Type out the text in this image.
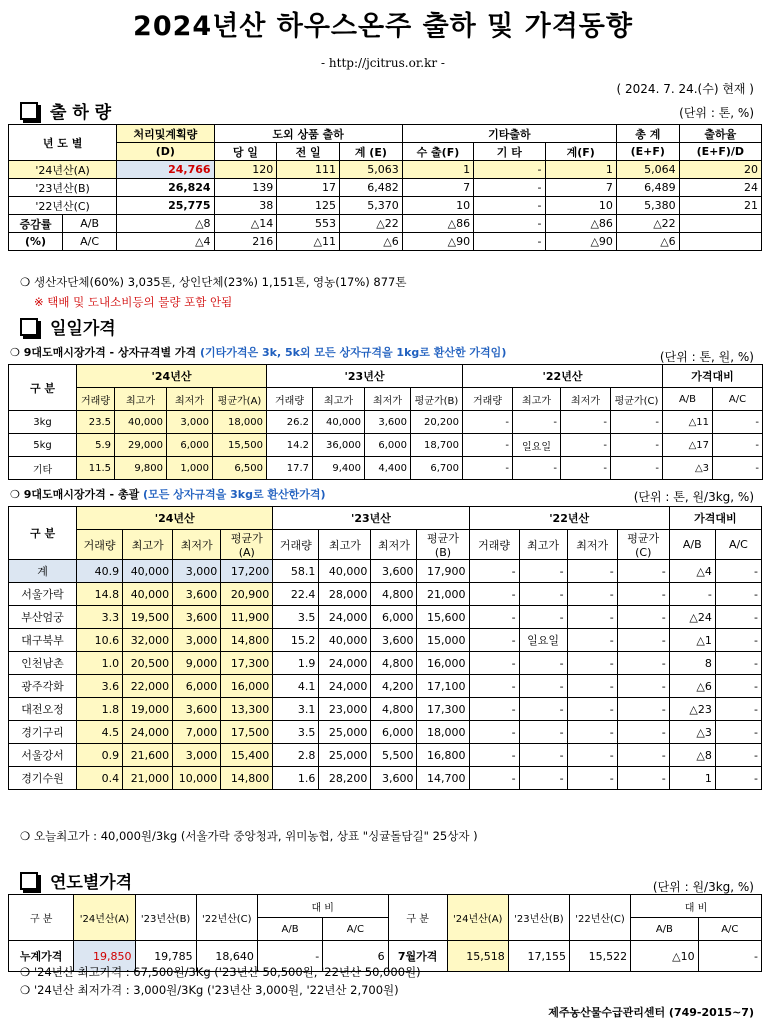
2024년산 하우스온주 출하 및 가격동향
- http://jcitrus.or.kr -
( 2024. 7. 24.(수) 현재 )
출 하 량	(단위 : 톤, %)
년 도 별		처리및계획량	도외 상품 출하			기타출하			총 계	출하율
		(D)	당 일	전 일	계 (E)	수 출(F)	기 타	계(F)	(E+F)	(E+F)/D
'24년산(A)		24,766	120	111	5,063	1	-	1	5,064	20
'23년산(B)		26,824	139	17	6,482	7	-	7	6,489	24
'22년산(C)		25,775	38	125	5,370	10	-	10	5,380	21
증감률	A/B	△8	△14	553	△22	△86	-	△86	△22	
(%)	A/C	△4	216	△11	△6	△90	-	△90	△6	
❍ 생산자단체(60%) 3,035톤, 상인단체(23%) 1,151톤, 영농(17%) 877톤
※ 택배 및 도내소비등의 물량 포함 안됨
일일가격
❍ 9대도매시장가격 - 상자규격별 가격 (기타가격은 3k, 5k외 모든 상자규격을 1kg로 환산한 가격임)	(단위 : 톤, 원, %)
구 분	'24년산				'23년산				'22년산				가격대비	
	거래량	최고가	최저가	평균가(A)	거래량	최고가	최저가	평균가(B)	거래량	최고가	최저가	평균가(C)	A/B	A/C
3kg	23.5	40,000	3,000	18,000	26.2	40,000	3,600	20,200	-	-	-	-	△11	-
5kg	5.9	29,000	6,000	15,500	14.2	36,000	6,000	18,700	-	일요일	-	-	△17	-
기타	11.5	9,800	1,000	6,500	17.7	9,400	4,400	6,700	-	-	-	-	△3	-
❍ 9대도매시장가격 - 총괄 (모든 상자규격을 3kg로 환산한가격)	(단위 : 톤, 원/3kg, %)
구 분	'24년산				'23년산				'22년산				가격대비	
	거래량	최고가	최저가	평균가(A)	거래량	최고가	최저가	평균가(B)	거래량	최고가	최저가	평균가(C)	A/B	A/C
계	40.9	40,000	3,000	17,200	58.1	40,000	3,600	17,900	-	-	-	-	△4	-
서울가락	14.8	40,000	3,600	20,900	22.4	28,000	4,800	21,000	-	-	-	-	-	-
부산엄궁	3.3	19,500	3,600	11,900	3.5	24,000	6,000	15,600	-	-	-	-	△24	-
대구북부	10.6	32,000	3,000	14,800	15.2	40,000	3,600	15,000	-	일요일	-	-	△1	-
인천남촌	1.0	20,500	9,000	17,300	1.9	24,000	4,800	16,000	-	-	-	-	8	-
광주각화	3.6	22,000	6,000	16,000	4.1	24,000	4,200	17,100	-	-	-	-	△6	-
대전오정	1.8	19,000	3,600	13,300	3.1	23,000	4,800	17,300	-	-	-	-	△23	-
경기구리	4.5	24,000	7,000	17,500	3.5	25,000	6,000	18,000	-	-	-	-	△3	-
서울강서	0.9	21,600	3,000	15,400	2.8	25,000	5,500	16,800	-	-	-	-	△8	-
경기수원	0.4	21,000	10,000	14,800	1.6	28,200	3,600	14,700	-	-	-	-	1	-
❍ 오늘최고가 : 40,000원/3kg (서울가락 중앙청과, 위미농협, 상표 "싱귤돌담길" 25상자 )
연도별가격	(단위 : 원/3kg, %)
구 분	'24년산(A)	'23년산(B)	'22년산(C)	대 비		구 분	'24년산(A)	'23년산(B)	'22년산(C)	대 비	
				A/B	A/C					A/B	A/C
누계가격	19,850	19,785	18,640	-	6	7월가격	15,518	17,155	15,522	△10	-
❍ '24년산 최고가격 : 67,500원/3Kg ('23년산 50,500원, '22년산 50,000원)
❍ '24년산 최저가격 : 3,000원/3Kg ('23년산 3,000원, '22년산 2,700원)
제주농산물수급관리센터 (749-2015~7)
